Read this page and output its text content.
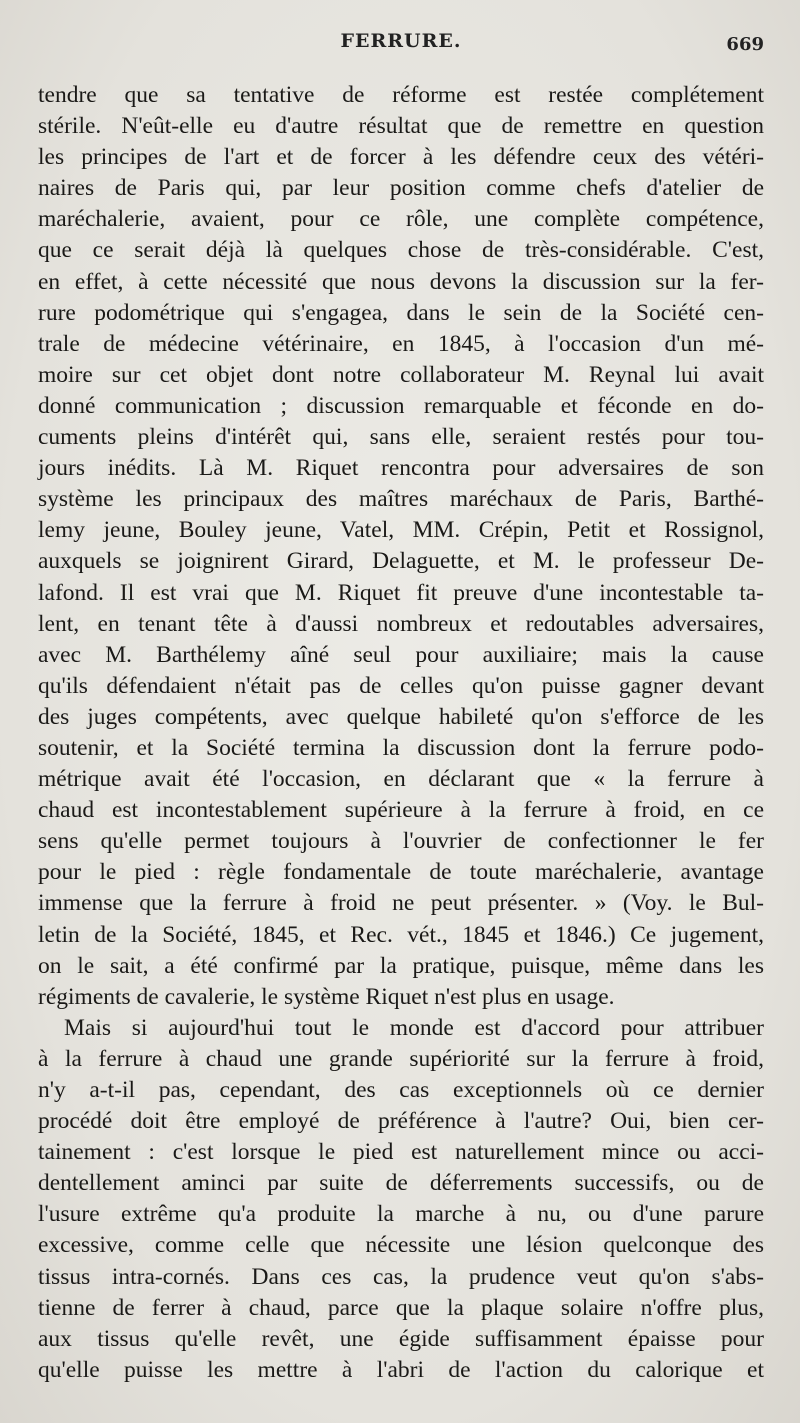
FERRURE.	669
tendre que sa tentative de réforme est restée complétement
stérile. N'eût-elle eu d'autre résultat que de remettre en question
les principes de l'art et de forcer à les défendre ceux des vétéri-
naires de Paris qui, par leur position comme chefs d'atelier de
maréchalerie, avaient, pour ce rôle, une complète compétence,
que ce serait déjà là quelques chose de très-considérable. C'est,
en effet, à cette nécessité que nous devons la discussion sur la fer-
rure podométrique qui s'engagea, dans le sein de la Société cen-
trale de médecine vétérinaire, en 1845, à l'occasion d'un mé-
moire sur cet objet dont notre collaborateur M. Reynal lui avait
donné communication ; discussion remarquable et féconde en do-
cuments pleins d'intérêt qui, sans elle, seraient restés pour tou-
jours inédits. Là M. Riquet rencontra pour adversaires de son
système les principaux des maîtres maréchaux de Paris, Barthé-
lemy jeune, Bouley jeune, Vatel, MM. Crépin, Petit et Rossignol,
auxquels se joignirent Girard, Delaguette, et M. le professeur De-
lafond. Il est vrai que M. Riquet fit preuve d'une incontestable ta-
lent, en tenant tête à d'aussi nombreux et redoutables adversaires,
avec M. Barthélemy aîné seul pour auxiliaire; mais la cause
qu'ils défendaient n'était pas de celles qu'on puisse gagner devant
des juges compétents, avec quelque habileté qu'on s'efforce de les
soutenir, et la Société termina la discussion dont la ferrure podo-
métrique avait été l'occasion, en déclarant que « la ferrure à
chaud est incontestablement supérieure à la ferrure à froid, en ce
sens qu'elle permet toujours à l'ouvrier de confectionner le fer
pour le pied : règle fondamentale de toute maréchalerie, avantage
immense que la ferrure à froid ne peut présenter. » (Voy. le Bul-
letin de la Société, 1845, et Rec. vét., 1845 et 1846.) Ce jugement,
on le sait, a été confirmé par la pratique, puisque, même dans les
régiments de cavalerie, le système Riquet n'est plus en usage.
Mais si aujourd'hui tout le monde est d'accord pour attribuer
à la ferrure à chaud une grande supériorité sur la ferrure à froid,
n'y a-t-il pas, cependant, des cas exceptionnels où ce dernier
procédé doit être employé de préférence à l'autre? Oui, bien cer-
tainement : c'est lorsque le pied est naturellement mince ou acci-
dentellement aminci par suite de déferrements successifs, ou de
l'usure extrême qu'a produite la marche à nu, ou d'une parure
excessive, comme celle que nécessite une lésion quelconque des
tissus intra-cornés. Dans ces cas, la prudence veut qu'on s'abs-
tienne de ferrer à chaud, parce que la plaque solaire n'offre plus,
aux tissus qu'elle revêt, une égide suffisamment épaisse pour
qu'elle puisse les mettre à l'abri de l'action du calorique et
